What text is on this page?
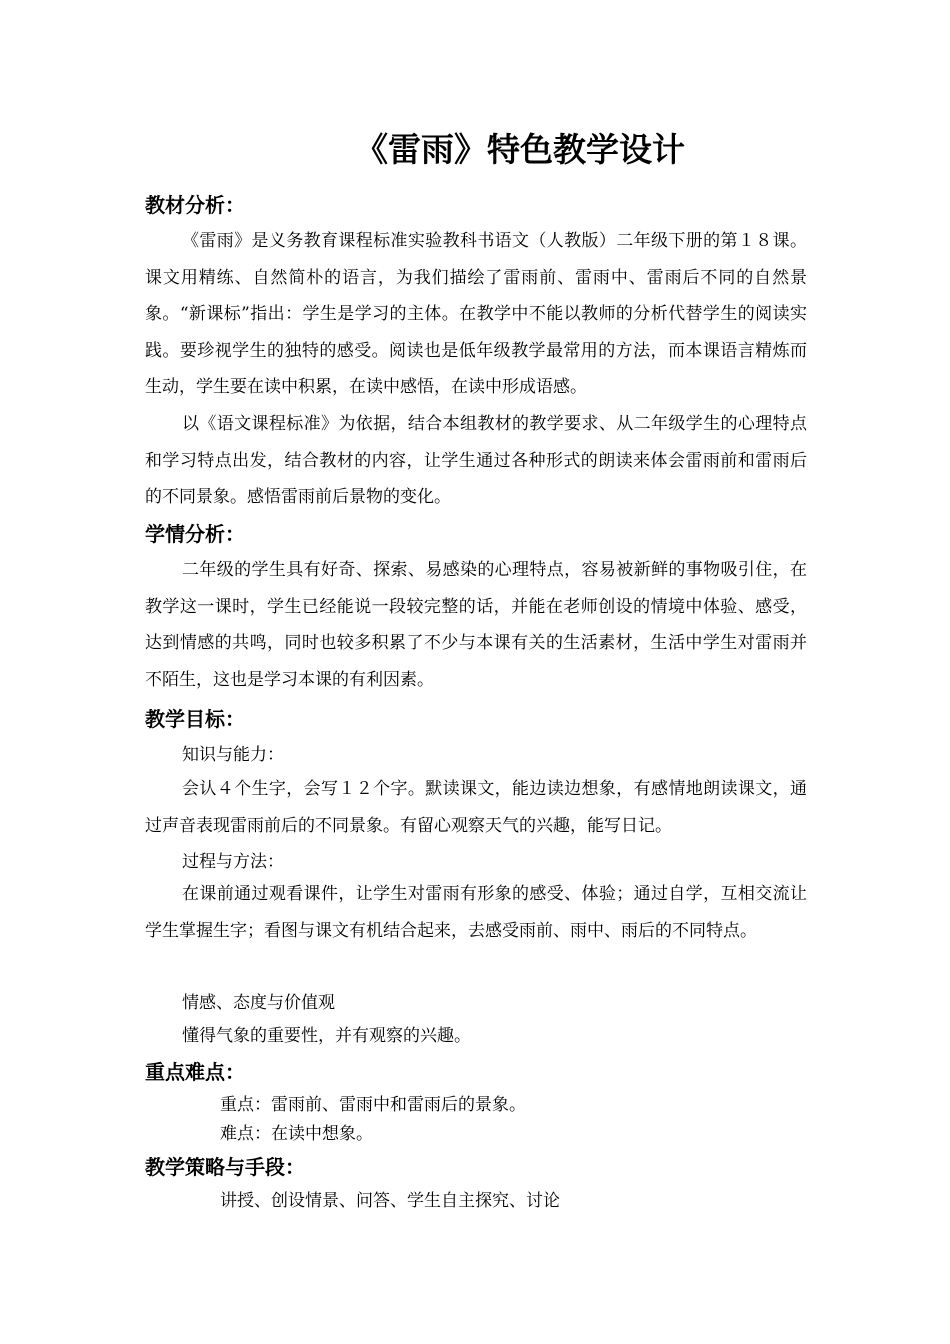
《雷雨》特色教学设计
教材分析：
《雷雨》是义务教育课程标准实验教科书语文（人教版）二年级下册的第１８课。课文用精练、自然简朴的语言，为我们描绘了雷雨前、雷雨中、雷雨后不同的自然景象。“新课标”指出：学生是学习的主体。在教学中不能以教师的分析代替学生的阅读实践。要珍视学生的独特的感受。阅读也是低年级教学最常用的方法，而本课语言精炼而生动，学生要在读中积累，在读中感悟，在读中形成语感。
以《语文课程标准》为依据，结合本组教材的教学要求、从二年级学生的心理特点和学习特点出发，结合教材的内容，让学生通过各种形式的朗读来体会雷雨前和雷雨后的不同景象。感悟雷雨前后景物的变化。
学情分析：
二年级的学生具有好奇、探索、易感染的心理特点，容易被新鲜的事物吸引住，在教学这一课时，学生已经能说一段较完整的话，并能在老师创设的情境中体验、感受，达到情感的共鸣，同时也较多积累了不少与本课有关的生活素材，生活中学生对雷雨并不陌生，这也是学习本课的有利因素。
教学目标：
知识与能力：
会认４个生字，会写１２个字。默读课文，能边读边想象，有感情地朗读课文，通过声音表现雷雨前后的不同景象。有留心观察天气的兴趣，能写日记。
过程与方法：
在课前通过观看课件，让学生对雷雨有形象的感受、体验；通过自学，互相交流让学生掌握生字；看图与课文有机结合起来，去感受雨前、雨中、雨后的不同特点。
情感、态度与价值观
懂得气象的重要性，并有观察的兴趣。
重点难点：
重点：雷雨前、雷雨中和雷雨后的景象。
难点：在读中想象。
教学策略与手段：
讲授、创设情景、问答、学生自主探究、讨论
